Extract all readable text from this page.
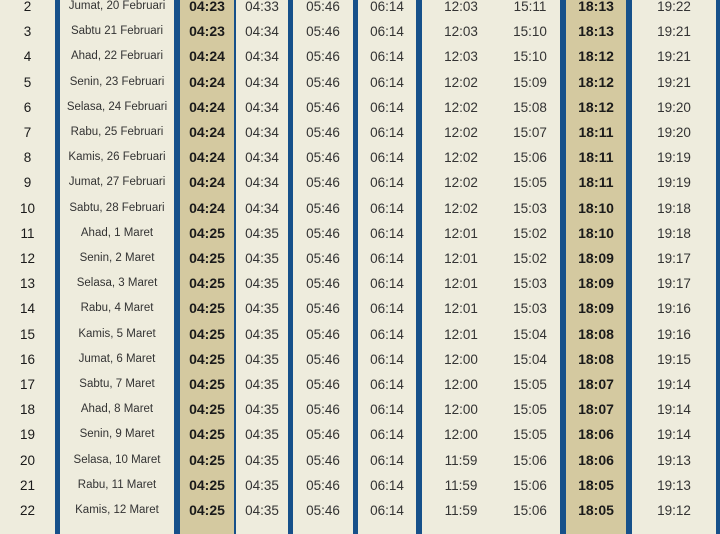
2	Jumat, 20 Februari	04:23	04:33	05:46	06:14	12:03	15:11	18:13	19:22
3	Sabtu 21 Februari	04:23	04:34	05:46	06:14	12:03	15:10	18:13	19:21
4	Ahad, 22 Februari	04:24	04:34	05:46	06:14	12:03	15:10	18:12	19:21
5	Senin, 23 Februari	04:24	04:34	05:46	06:14	12:02	15:09	18:12	19:21
6	Selasa, 24 Februari	04:24	04:34	05:46	06:14	12:02	15:08	18:12	19:20
7	Rabu, 25 Februari	04:24	04:34	05:46	06:14	12:02	15:07	18:11	19:20
8	Kamis, 26 Februari	04:24	04:34	05:46	06:14	12:02	15:06	18:11	19:19
9	Jumat, 27 Februari	04:24	04:34	05:46	06:14	12:02	15:05	18:11	19:19
10	Sabtu, 28 Februari	04:24	04:34	05:46	06:14	12:02	15:03	18:10	19:18
11	Ahad, 1 Maret	04:25	04:35	05:46	06:14	12:01	15:02	18:10	19:18
12	Senin, 2 Maret	04:25	04:35	05:46	06:14	12:01	15:02	18:09	19:17
13	Selasa, 3 Maret	04:25	04:35	05:46	06:14	12:01	15:03	18:09	19:17
14	Rabu, 4 Maret	04:25	04:35	05:46	06:14	12:01	15:03	18:09	19:16
15	Kamis, 5 Maret	04:25	04:35	05:46	06:14	12:01	15:04	18:08	19:16
16	Jumat, 6 Maret	04:25	04:35	05:46	06:14	12:00	15:04	18:08	19:15
17	Sabtu, 7 Maret	04:25	04:35	05:46	06:14	12:00	15:05	18:07	19:14
18	Ahad, 8 Maret	04:25	04:35	05:46	06:14	12:00	15:05	18:07	19:14
19	Senin, 9 Maret	04:25	04:35	05:46	06:14	12:00	15:05	18:06	19:14
20	Selasa, 10 Maret	04:25	04:35	05:46	06:14	11:59	15:06	18:06	19:13
21	Rabu, 11 Maret	04:25	04:35	05:46	06:14	11:59	15:06	18:05	19:13
22	Kamis, 12 Maret	04:25	04:35	05:46	06:14	11:59	15:06	18:05	19:12
